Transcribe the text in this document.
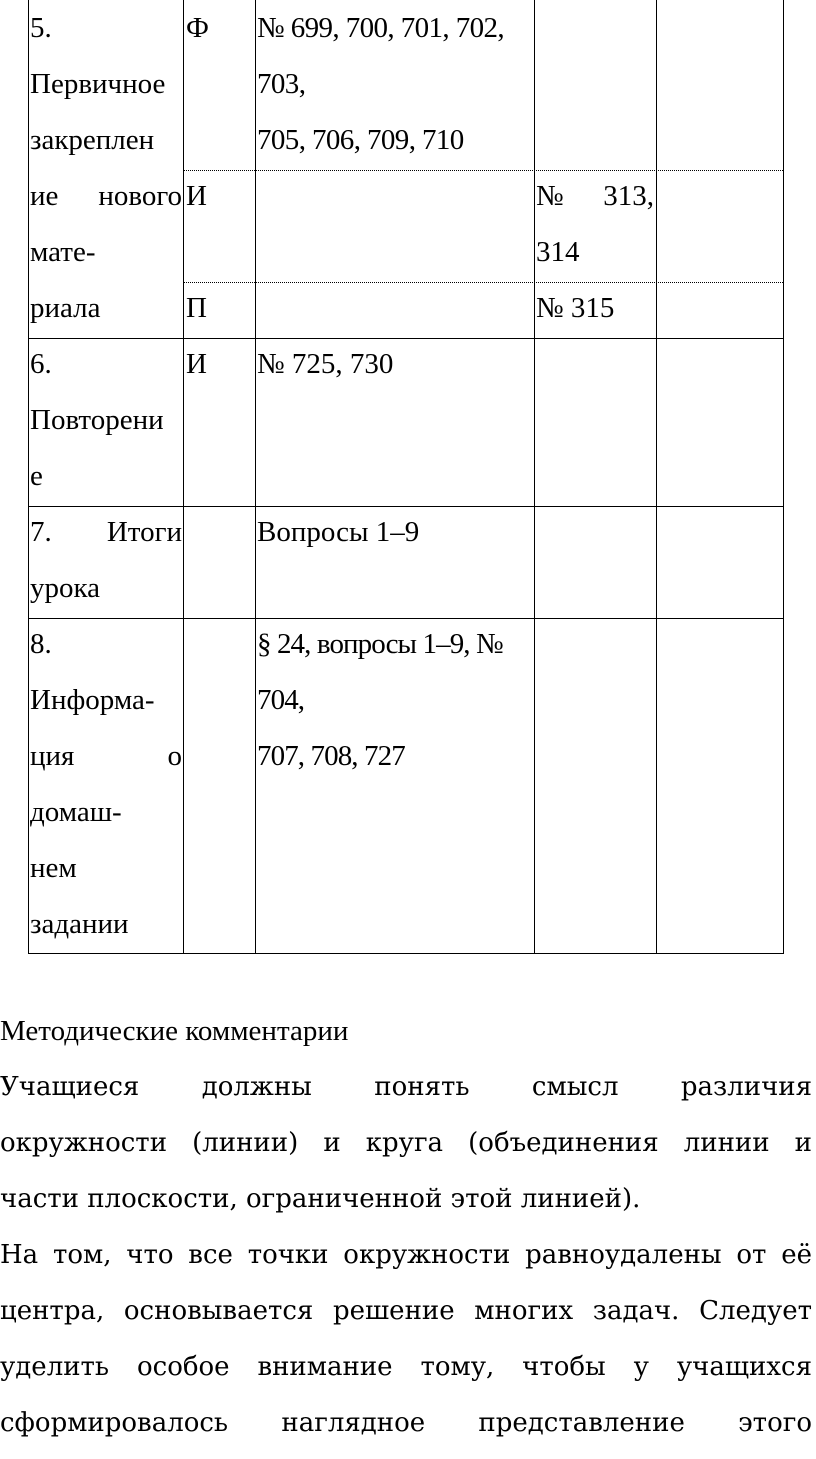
5.
Первичное
закреплен
ие нового
мате-
риала
Ф № 699, 700, 701, 702,
703,
705, 706, 709, 710
И	№ 313,
314
П	№ 315
6.
Повторени
е
И № 725, 730
7. Итоги
урока
Вопросы 1–9
8.
Информа-
ция о
домаш-
нем
задании
§ 24, вопросы 1–9, №
704,
707, 708, 727
Методические комментарии
Учащиеся должны понять смысл различия
окружности (линии) и круга (объединения линии и
части плоскости, ограниченной этой линией).
На том, что все точки окружности равноудалены от её
центра, основывается решение многих задач. Следует
уделить особое внимание тому, чтобы у учащихся
сформировалось наглядное представление этого
